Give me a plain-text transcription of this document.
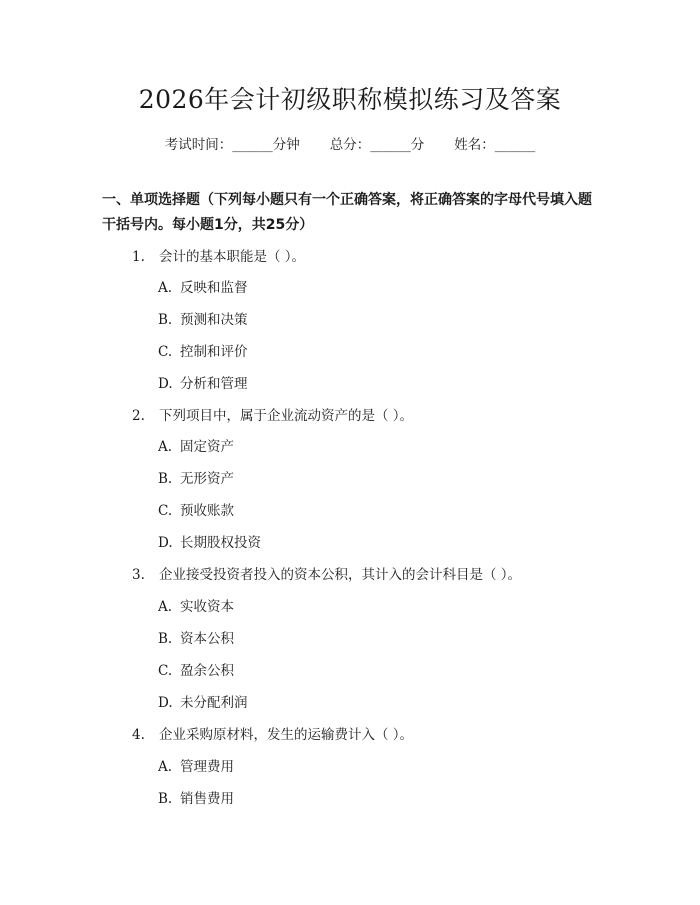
2026年会计初级职称模拟练习及答案
考试时间：______分钟 总分：______分 姓名：______
一、单项选择题（下列每小题只有一个正确答案，将正确答案的字母代号填入题干括号内。每小题1分，共25分）
1. 会计的基本职能是（ ）。
A. 反映和监督
B. 预测和决策
C. 控制和评价
D. 分析和管理
2. 下列项目中，属于企业流动资产的是（ ）。
A. 固定资产
B. 无形资产
C. 预收账款
D. 长期股权投资
3. 企业接受投资者投入的资本公积，其计入的会计科目是（ ）。
A. 实收资本
B. 资本公积
C. 盈余公积
D. 未分配利润
4. 企业采购原材料，发生的运输费计入（ ）。
A. 管理费用
B. 销售费用
